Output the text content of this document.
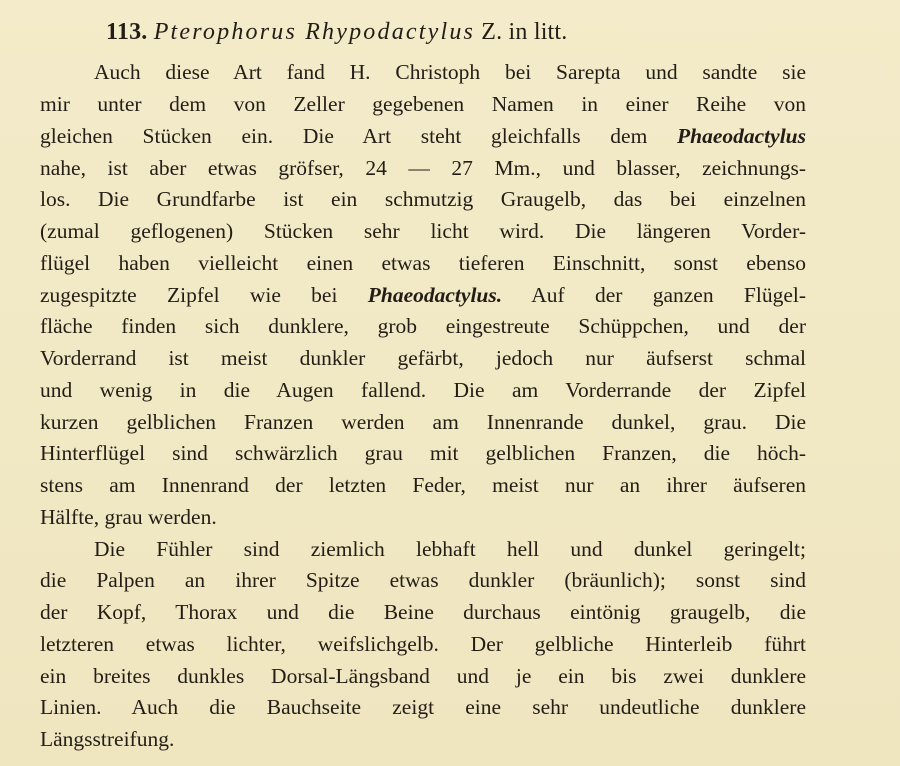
113. Pterophorus Rhypodactylus Z. in litt.
Auch diese Art fand H. Christoph bei Sarepta und sandte sie
mir unter dem von Zeller gegebenen Namen in einer Reihe von
gleichen Stücken ein. Die Art steht gleichfalls dem Phaeodactylus
nahe, ist aber etwas gröfser, 24 — 27 Mm., und blasser, zeichnungs-
los. Die Grundfarbe ist ein schmutzig Graugelb, das bei einzelnen
(zumal geflogenen) Stücken sehr licht wird. Die längeren Vorder-
flügel haben vielleicht einen etwas tieferen Einschnitt, sonst ebenso
zugespitzte Zipfel wie bei Phaeodactylus. Auf der ganzen Flügel-
fläche finden sich dunklere, grob eingestreute Schüppchen, und der
Vorderrand ist meist dunkler gefärbt, jedoch nur äufserst schmal
und wenig in die Augen fallend. Die am Vorderrande der Zipfel
kurzen gelblichen Franzen werden am Innenrande dunkel, grau. Die
Hinterflügel sind schwärzlich grau mit gelblichen Franzen, die höch-
stens am Innenrand der letzten Feder, meist nur an ihrer äufseren
Hälfte, grau werden.
Die Fühler sind ziemlich lebhaft hell und dunkel geringelt;
die Palpen an ihrer Spitze etwas dunkler (bräunlich); sonst sind
der Kopf, Thorax und die Beine durchaus eintönig graugelb, die
letzteren etwas lichter, weifslichgelb. Der gelbliche Hinterleib führt
ein breites dunkles Dorsal-Längsband und je ein bis zwei dunklere
Linien. Auch die Bauchseite zeigt eine sehr undeutliche dunklere
Längsstreifung.
